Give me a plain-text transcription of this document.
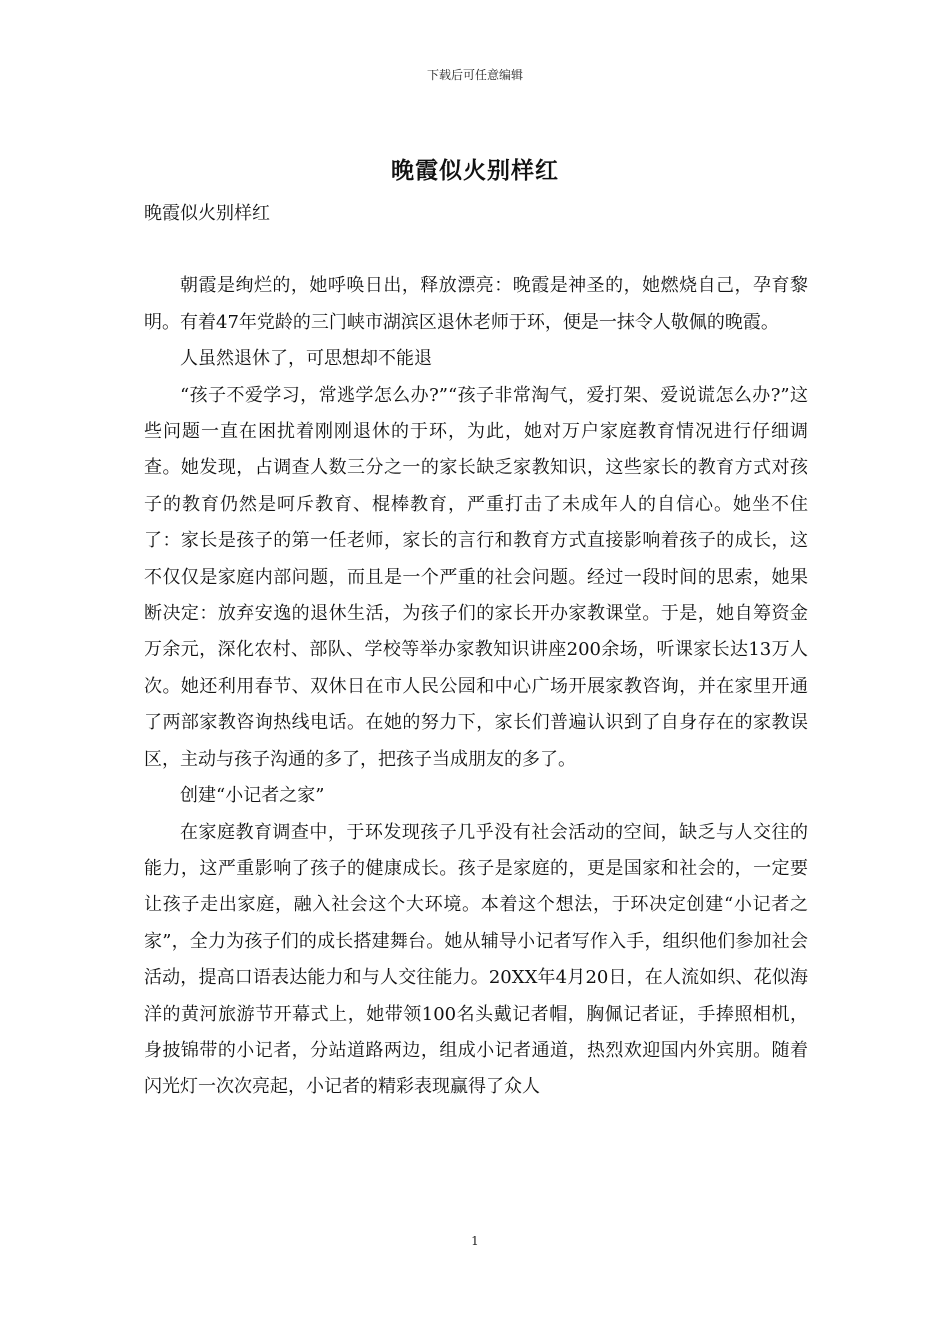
下载后可任意编辑
晚霞似火别样红

晚霞似火别样红

朝霞是绚烂的，她呼唤日出，释放漂亮：晚霞是神圣的，她燃烧自己，孕育黎明。有着47年党龄的三门峡市湖滨区退休老师于环，便是一抹令人敬佩的晚霞。

人虽然退休了，可思想却不能退

“孩子不爱学习，常逃学怎么办?”“孩子非常淘气，爱打架、爱说谎怎么办?”这些问题一直在困扰着刚刚退休的于环，为此，她对万户家庭教育情况进行仔细调查。她发现，占调查人数三分之一的家长缺乏家教知识，这些家长的教育方式对孩子的教育仍然是呵斥教育、棍棒教育，严重打击了未成年人的自信心。她坐不住了：家长是孩子的第一任老师，家长的言行和教育方式直接影响着孩子的成长，这不仅仅是家庭内部问题，而且是一个严重的社会问题。经过一段时间的思索，她果断决定：放弃安逸的退休生活，为孩子们的家长开办家教课堂。于是，她自筹资金万余元，深化农村、部队、学校等举办家教知识讲座200余场，听课家长达13万人次。她还利用春节、双休日在市人民公园和中心广场开展家教咨询，并在家里开通了两部家教咨询热线电话。在她的努力下，家长们普遍认识到了自身存在的家教误区，主动与孩子沟通的多了，把孩子当成朋友的多了。

创建“小记者之家”

在家庭教育调查中，于环发现孩子几乎没有社会活动的空间，缺乏与人交往的能力，这严重影响了孩子的健康成长。孩子是家庭的，更是国家和社会的，一定要让孩子走出家庭，融入社会这个大环境。本着这个想法，于环决定创建“小记者之家”，全力为孩子们的成长搭建舞台。她从辅导小记者写作入手，组织他们参加社会活动，提高口语表达能力和与人交往能力。20XX年4月20日，在人流如织、花似海洋的黄河旅游节开幕式上，她带领100名头戴记者帽，胸佩记者证，手捧照相机，身披锦带的小记者，分站道路两边，组成小记者通道，热烈欢迎国内外宾朋。随着闪光灯一次次亮起，小记者的精彩表现赢得了众人

1
